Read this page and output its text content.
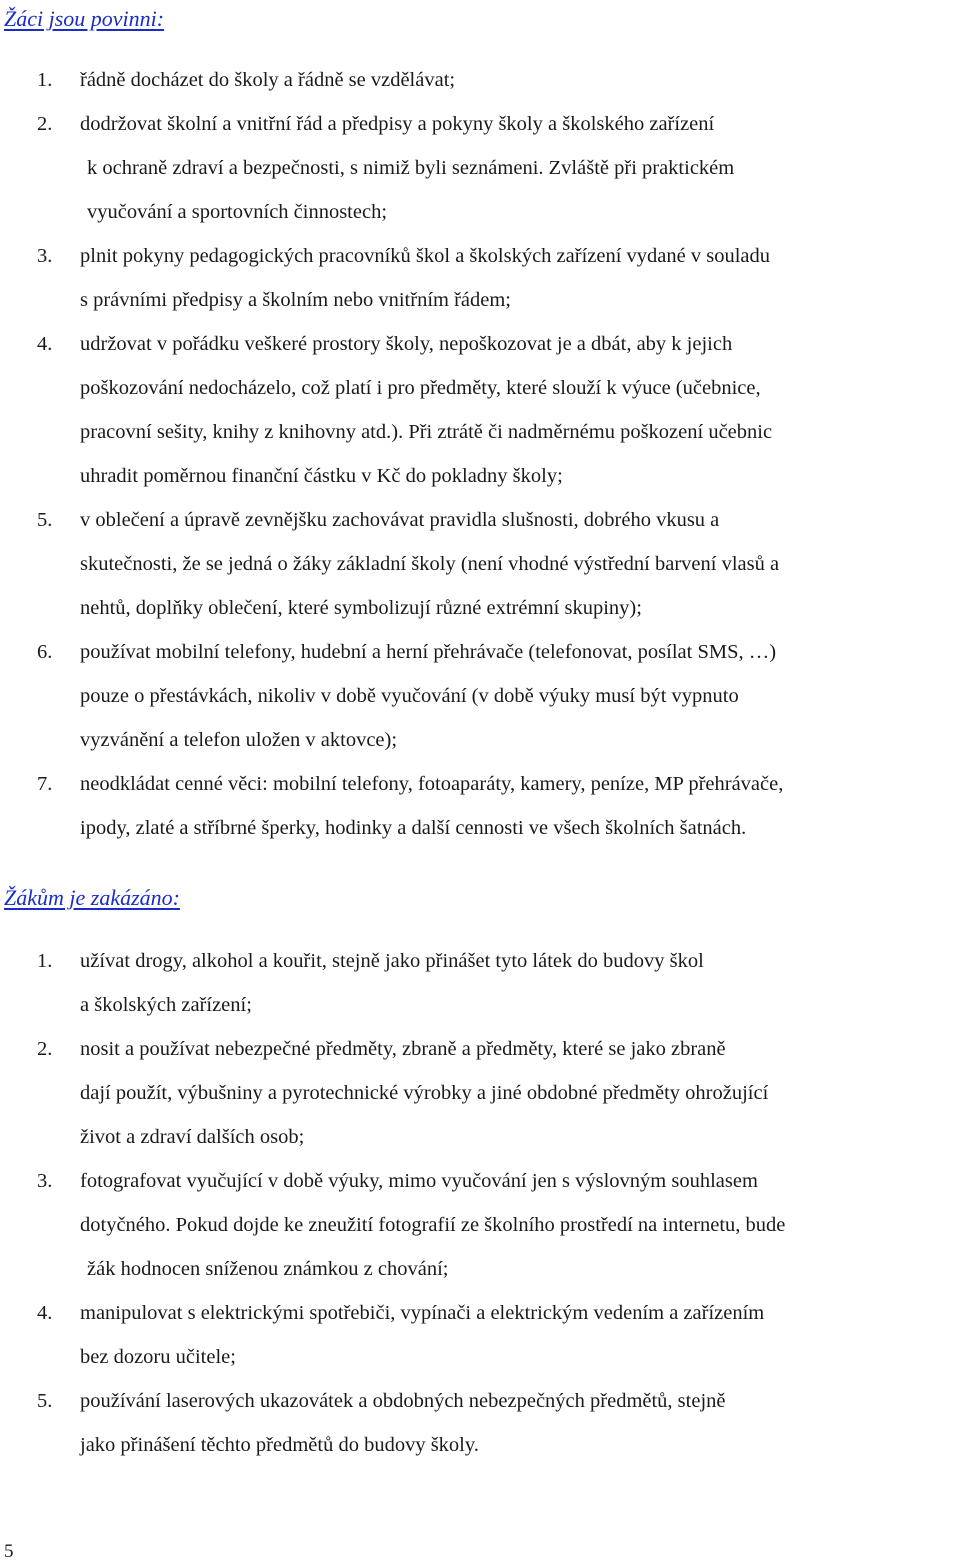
Žáci jsou povinni:
1.	řádně docházet do školy a řádně se vzdělávat;
2.	dodržovat školní a vnitřní řád a předpisy a pokyny školy a školského zařízení
k ochraně zdraví a bezpečnosti, s nimiž byli seznámeni. Zvláště při praktickém
vyučování a sportovních činnostech;
3.	plnit pokyny pedagogických pracovníků škol a školských zařízení vydané v souladu
s právními předpisy a školním nebo vnitřním řádem;
4.	udržovat v pořádku veškeré prostory školy, nepoškozovat je a dbát, aby k jejich
poškozování nedocházelo, což platí i pro předměty, které slouží k výuce (učebnice,
pracovní sešity, knihy z knihovny atd.). Při ztrátě či nadměrnému poškození učebnic
uhradit poměrnou finanční částku v Kč do pokladny školy;
5.	v oblečení a úpravě zevnějšku zachovávat pravidla slušnosti, dobrého vkusu a
skutečnosti, že se jedná o žáky základní školy (není vhodné výstřední barvení vlasů a
nehtů, doplňky oblečení, které symbolizují různé extrémní skupiny);
6.	používat mobilní telefony, hudební a herní přehrávače (telefonovat, posílat SMS, …)
pouze o přestávkách, nikoliv v době vyučování (v době výuky musí být vypnuto
vyzvánění a telefon uložen v aktovce);
7.	neodkládat cenné věci: mobilní telefony, fotoaparáty, kamery, peníze, MP přehrávače,
ipody, zlaté a stříbrné šperky, hodinky a další cennosti ve všech školních šatnách.
Žákům je zakázáno:
1.	užívat drogy, alkohol a kouřit, stejně jako přinášet tyto látek do budovy škol
a školských zařízení;
2.	nosit a používat nebezpečné předměty, zbraně a předměty, které se jako zbraně
dají použít, výbušniny a pyrotechnické výrobky a jiné obdobné předměty ohrožující
život a zdraví dalších osob;
3.	fotografovat vyučující v době výuky, mimo vyučování jen s výslovným souhlasem
dotyčného. Pokud dojde ke zneužití fotografií ze školního prostředí na internetu, bude
žák hodnocen sníženou známkou z chování;
4.	manipulovat s elektrickými spotřebiči, vypínači a elektrickým vedením a zařízením
bez dozoru učitele;
5.	používání laserových ukazovátek a obdobných nebezpečných předmětů, stejně
jako přinášení těchto předmětů do budovy školy.
5
